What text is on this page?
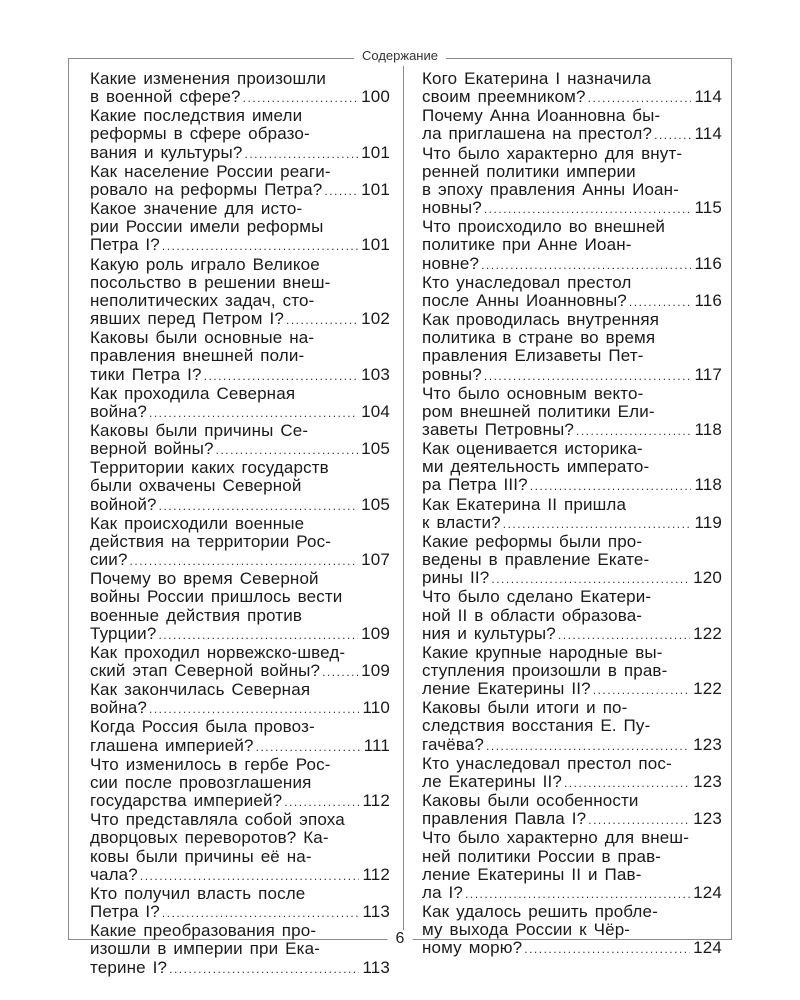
Содержание
Какие изменения произошли
в военной сфере? .....	100
Какие последствия имели
реформы в сфере образо-
вания и культуры? .....	101
Как население России реаги-
ровало на реформы Петра? ..... 101
Какое значение для исто-
рии России имели реформы
Петра I? .....	101
Какую роль играло Великое
посольство в решении внеш-
неполитических задач, сто-
явших перед Петром I? .....	102
Каковы были основные на-
правления внешней поли-
тики Петра I? .....	103
Как проходила Северная
война? .....	104
Каковы были причины Се-
верной войны? .....	105
Территории каких государств
были охвачены Северной
войной? .....	105
Как происходили военные
действия на территории Рос-
сии? .....	107
Почему во время Северной
войны России пришлось вести
военные действия против
Турции? .....	109
Как проходил норвежско-швед-
ский этап Северной войны? ..... 109
Как закончилась Северная
война? .....	110
Когда Россия была провоз-
глашена империей? .....	111
Что изменилось в гербе Рос-
сии после провозглашения
государства империей? .....	112
Что представляла собой эпоха
дворцовых переворотов? Ка-
ковы были причины её на-
чала? .....	112
Кто получил власть после
Петра I? .....	113
Какие преобразования про-
изошли в империи при Ека-
терине I? .....	113
Кого Екатерина I назначила
своим преемником? .....	114
Почему Анна Иоанновна бы-
ла приглашена на престол? ..... 114
Что было характерно для внут-
ренней политики империи
в эпоху правления Анны Иоан-
новны? .....	115
Что происходило во внешней
политике при Анне Иоан-
новне? .....	116
Кто унаследовал престол
после Анны Иоанновны? .....	116
Как проводилась внутренняя
политика в стране во время
правления Елизаветы Пет-
ровны? .....	117
Что было основным векто-
ром внешней политики Ели-
заветы Петровны? .....	118
Как оценивается историка-
ми деятельность императо-
ра Петра III? .....	118
Как Екатерина II пришла
к власти? .....	119
Какие реформы были про-
ведены в правление Екате-
рины II? .....	120
Что было сделано Екатери-
ной II в области образова-
ния и культуры? .....	122
Какие крупные народные вы-
ступления произошли в прав-
ление Екатерины II? .....	122
Каковы были итоги и по-
следствия восстания Е. Пу-
гачёва? .....	123
Кто унаследовал престол пос-
ле Екатерины II? .....	123
Каковы были особенности
правления Павла I? .....	123
Что было характерно для внеш-
ней политики России в прав-
ление Екатерины II и Пав-
ла I? .....	124
Как удалось решить пробле-
му выхода России к Чёр-
ному морю? .....	124
6
